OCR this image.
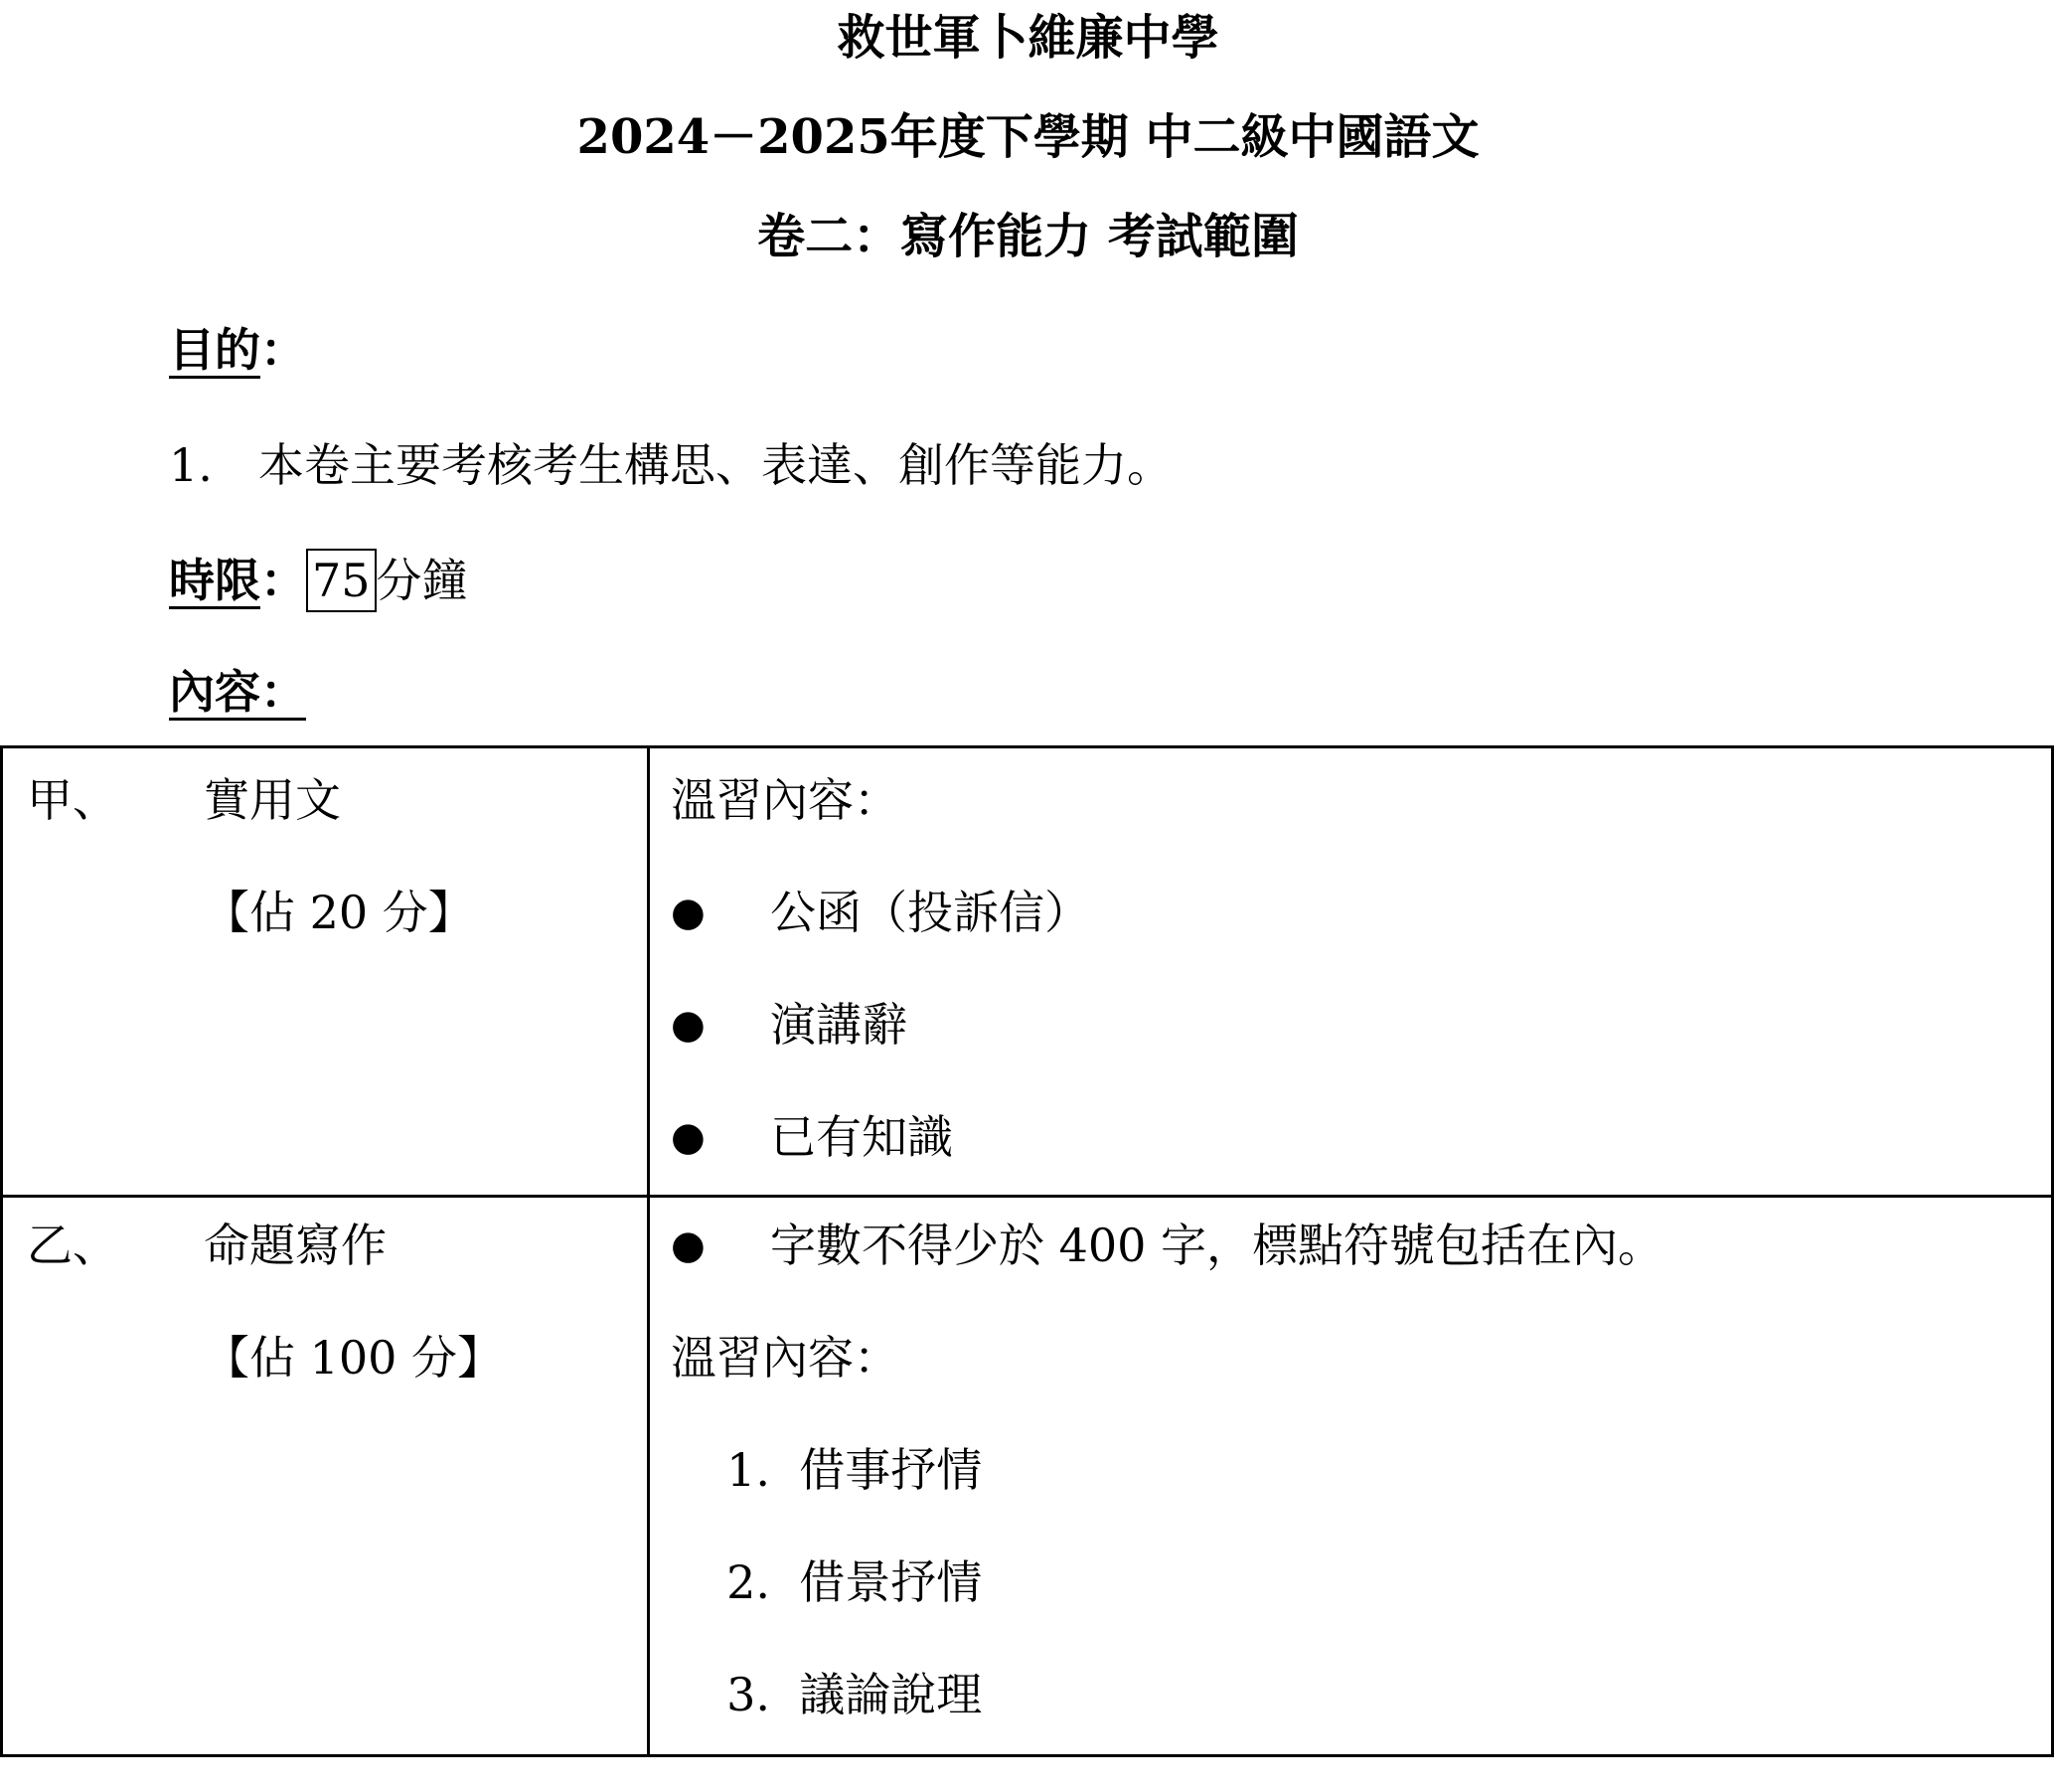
救世軍卜維廉中學
2024－2025年度下學期 中二級中國語文
卷二：寫作能力 考試範圍
目的：
1. 本卷主要考核考生構思、表達、創作等能力。
時限： 75 分鐘
內容：
甲、 實用文
【佔 20 分】
溫習內容：
● 公函（投訴信）
● 演講辭
● 已有知識
乙、 命題寫作
【佔 100 分】
● 字數不得少於 400 字，標點符號包括在內。
溫習內容：
1. 借事抒情
2. 借景抒情
3. 議論說理
